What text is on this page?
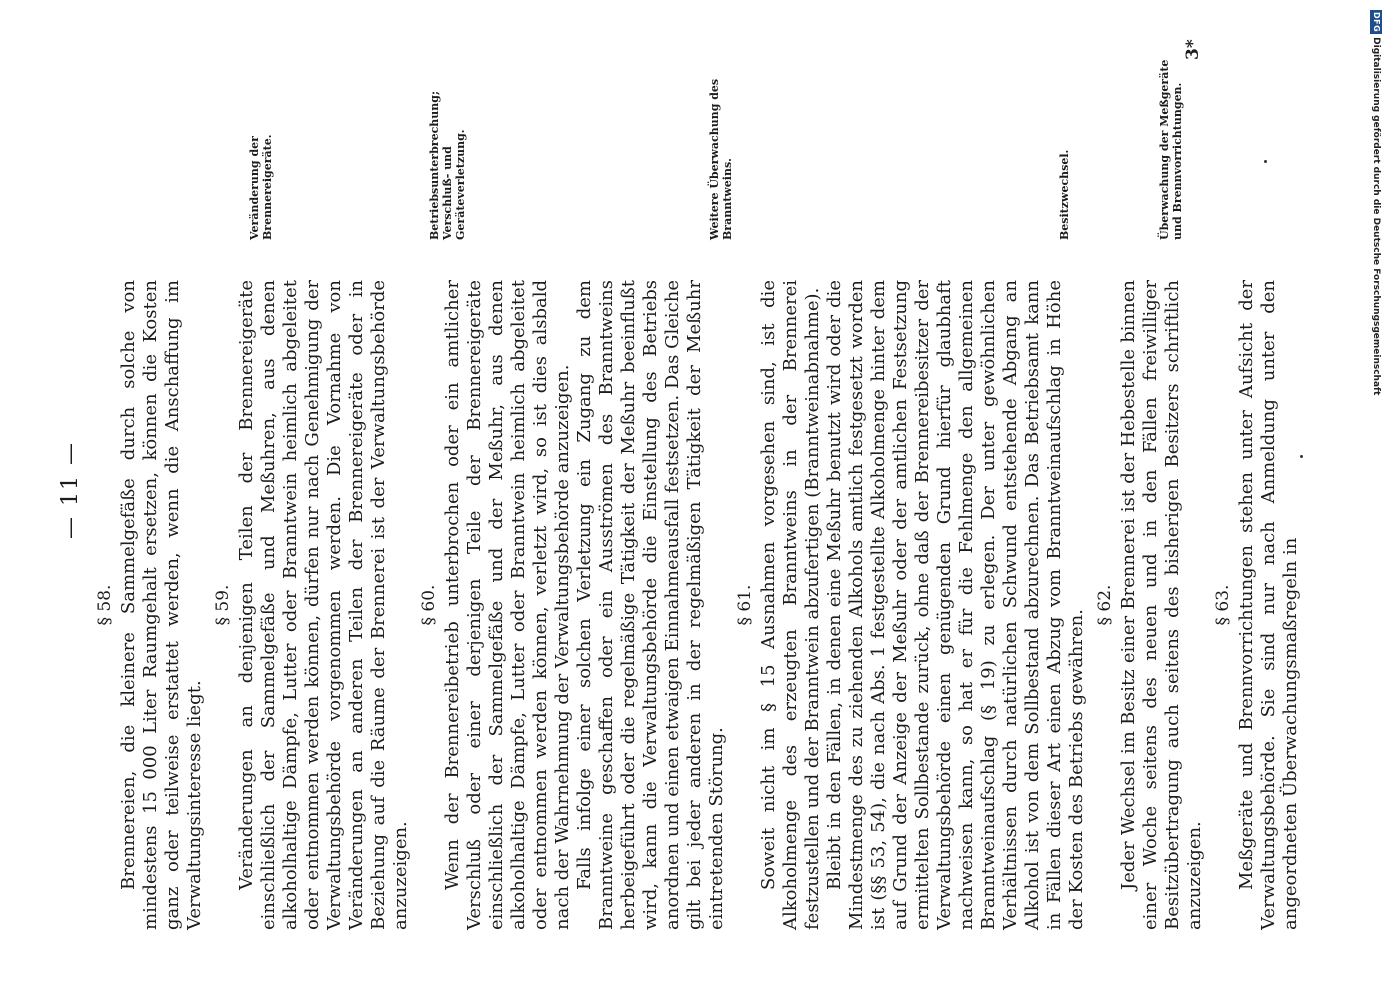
— 11 —
§ 58. Brennereien, die kleinere Sammelgefäße durch solche von mindestens 15 000 Liter Raumgehalt ersetzen, können die Kosten ganz oder teilweise erstattet werden, wenn die Anschaffung im Verwaltungsinteresse liegt.

§ 59. Veränderungen an denjenigen Teilen der Brennereigeräte einschließlich der Sammelgefäße und Meßuhren, aus denen alkoholhaltige Dämpfe, Lutter oder Branntwein heimlich abgeleitet oder entnommen werden können, dürfen nur nach Genehmigung der Verwaltungsbehörde vorgenommen werden. Die Vornahme von Veränderungen an anderen Teilen der Brennereigeräte oder in Beziehung auf die Räume der Brennerei ist der Verwaltungsbehörde anzuzeigen.

§ 60. Wenn der Brennereibetrieb unterbrochen oder ein amtlicher Verschluß oder einer derjenigen Teile der Brennereigeräte einschließlich der Sammelgefäße und der Meßuhr, aus denen alkoholhaltige Dämpfe, Lutter oder Branntwein heimlich abgeleitet oder entnommen werden können, verletzt wird, so ist dies alsbald nach der Wahrnehmung der Verwaltungsbehörde anzuzeigen. Falls infolge einer solchen Verletzung ein Zugang zu dem Branntweine geschaffen oder ein Ausströmen des Branntweins herbeigeführt oder die regelmäßige Tätigkeit der Meßuhr beeinflußt wird, kann die Verwaltungsbehörde die Einstellung des Betriebs anordnen und einen etwaigen Einnahmeausfall festsetzen. Das Gleiche gilt bei jeder anderen in der regelmäßigen Tätigkeit der Meßuhr eintretenden Störung.

§ 61. Soweit nicht im § 15 Ausnahmen vorgesehen sind, ist die Alkoholmenge des erzeugten Branntweins in der Brennerei festzustellen und der Branntwein abzufertigen (Branntweinabnahme). Bleibt in den Fällen, in denen eine Meßuhr benutzt wird oder die Mindestmenge des zu ziehenden Alkohols amtlich festgesetzt worden ist (§§ 53, 54), die nach Abs. 1 festgestellte Alkoholmenge hinter dem auf Grund der Anzeige der Meßuhr oder der amtlichen Festsetzung ermittelten Sollbestande zurück, ohne daß der Brennereibesitzer der Verwaltungsbehörde einen genügenden Grund hierfür glaubhaft nachweisen kann, so hat er für die Fehlmenge den allgemeinen Branntweinaufschlag (§ 19) zu erlegen. Der unter gewöhnlichen Verhältnissen durch natürlichen Schwund entstehende Abgang an Alkohol ist von dem Sollbestand abzurechnen. Das Betriebsamt kann in Fällen dieser Art einen Abzug vom Branntweinaufschlag in Höhe der Kosten des Betriebs gewähren.

§ 62. Jeder Wechsel im Besitz einer Brennerei ist der Hebestelle binnen einer Woche seitens des neuen und in den Fällen freiwilliger Besitzübertragung auch seitens des bisherigen Besitzers schriftlich anzuzeigen.

§ 63. Meßgeräte und Brennvorrichtungen stehen unter Aufsicht der Verwaltungsbehörde. Sie sind nur nach Anmeldung unter den angeordneten Überwachungsmaßregeln in

Veränderung der Brennereigeräte.	Betriebsunterbrechung; Verschluß- und Geräteverletzung.	Weitere Überwachung des Branntweins.	Besitzwechsel.	Überwachung der Meßgeräte und Brennvorrichtungen.
3*
DFGDigitalisierung gefördert durch die Deutsche Forschungsgemeinschaft
